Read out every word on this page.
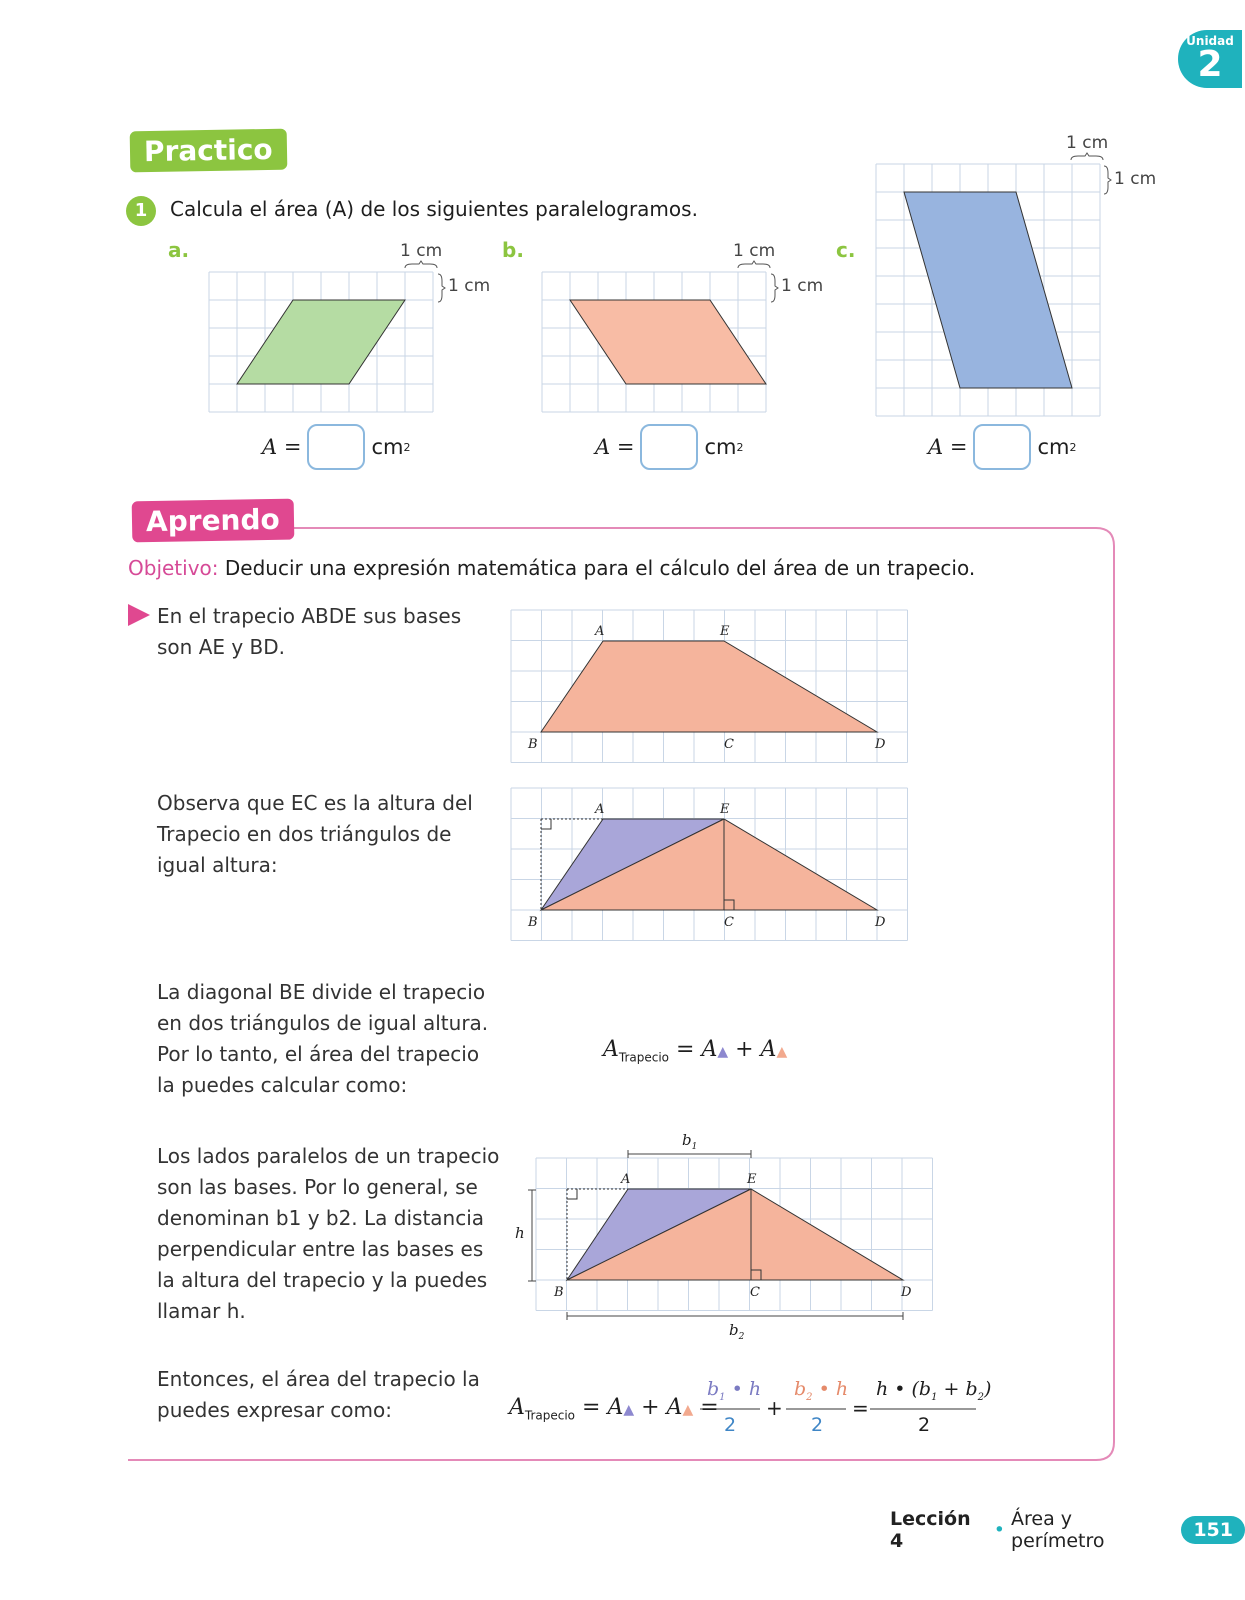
Unidad
2
Practico
1	Calcula el área (A) de los siguientes paralelogramos.
a.	b.	c.
1 cm
1 cm
1 cm
1 cm
1 cm
1 cm
A =	cm 2	A =	cm 2	A =	cm 2
Aprendo
Objetivo: Deducir una expresión matemática para el cálculo del área de un trapecio.
En el trapecio ABDE sus bases
son AE y BD.
Observa que EC es la altura del
Trapecio en dos triángulos de
igual altura:
La diagonal BE divide el trapecio
en dos triángulos de igual altura.
Por lo tanto, el área del trapecio
la puedes calcular como:
Los lados paralelos de un trapecio
son las bases. Por lo general, se
denominan b1 y b2. La distancia
perpendicular entre las bases es
la altura del trapecio y la puedes
llamar h.
Entonces, el área del trapecio la
puedes expresar como:
A	E
B	C	D
A	E
B	C	D
A	E
B	C	D
$b_1$
$b_2$
h
$A_{Trapecio}$ = A▲ + A▲
$A_{Trapecio}$ = A▲ + A▲ =
$b_1$ • h
2
+
$b_2$ • h
2
=
h • $(b_1 + b_2)$
2
Lección 4	• Área y perímetro	151
